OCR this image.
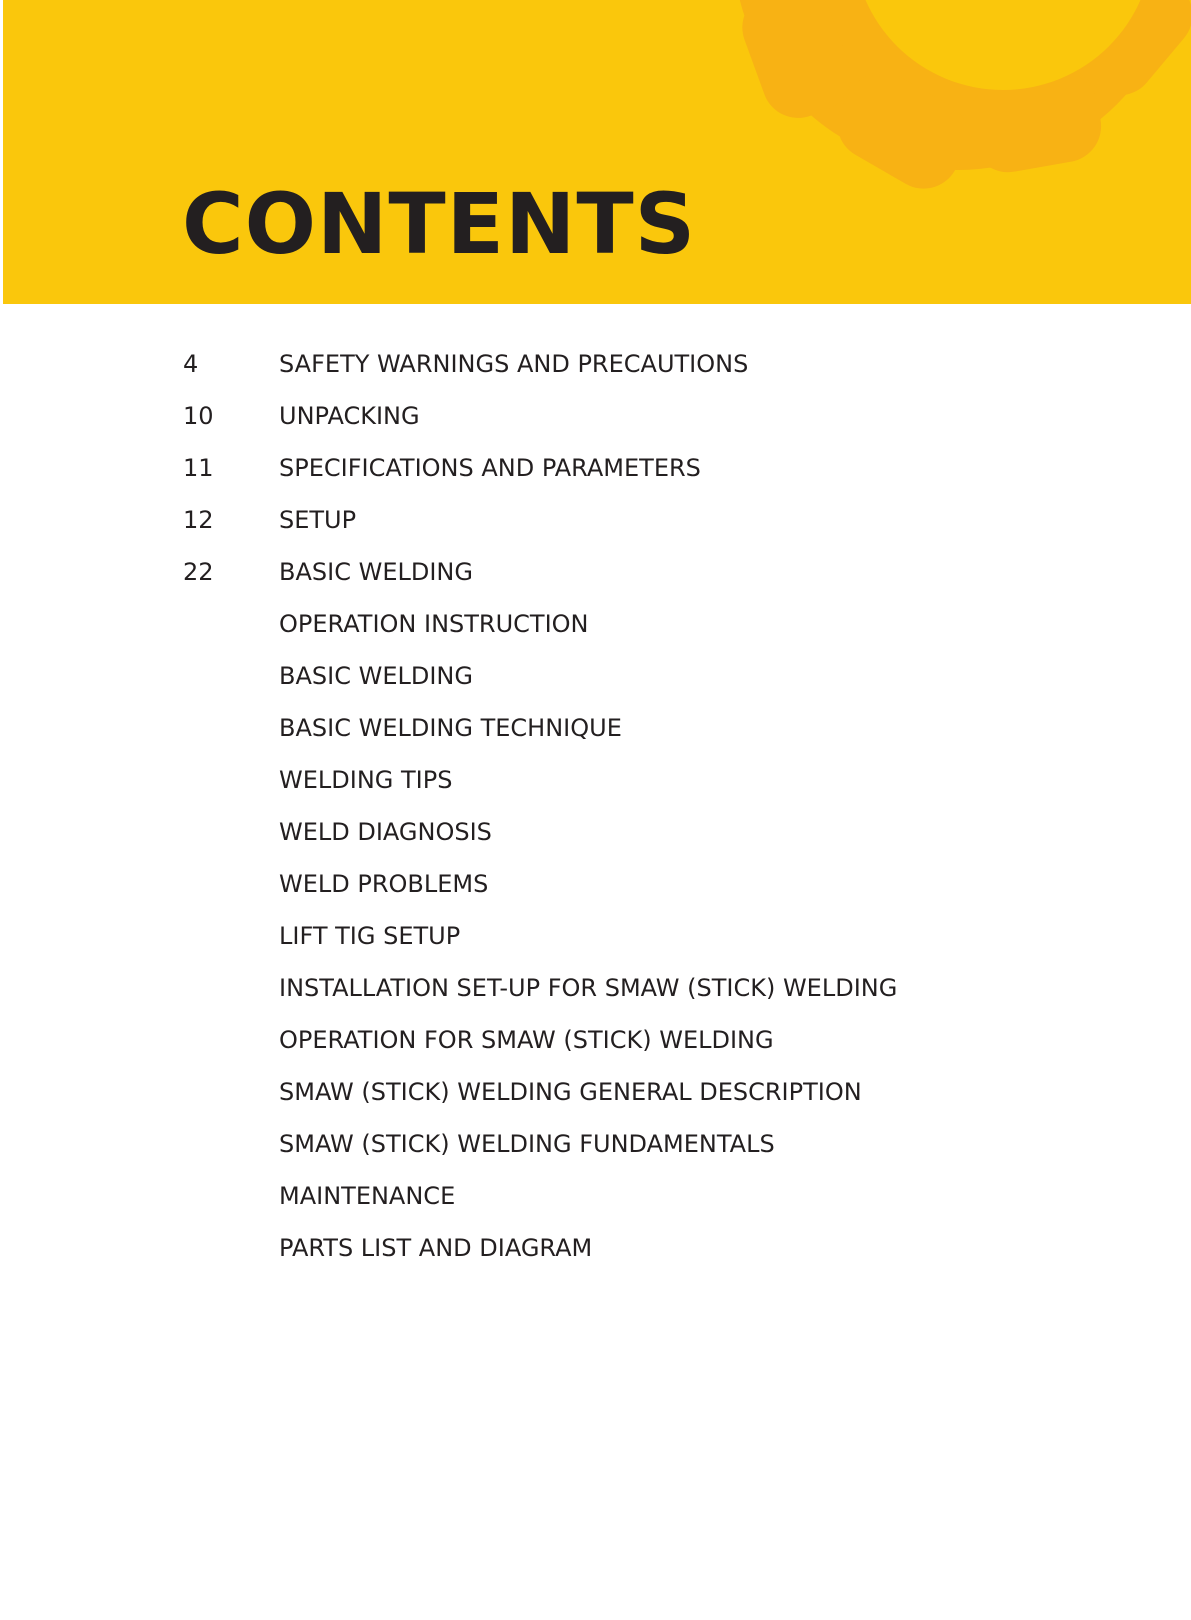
CONTENTS
4	SAFETY WARNINGS AND PRECAUTIONS
10	UNPACKING
11	SPECIFICATIONS AND PARAMETERS
12	SETUP
22	BASIC WELDING
OPERATION INSTRUCTION
BASIC WELDING
BASIC WELDING TECHNIQUE
WELDING TIPS
WELD DIAGNOSIS
WELD PROBLEMS
LIFT TIG SETUP
INSTALLATION SET-UP FOR SMAW (STICK) WELDING
OPERATION FOR SMAW (STICK) WELDING
SMAW (STICK) WELDING GENERAL DESCRIPTION
SMAW (STICK) WELDING FUNDAMENTALS
MAINTENANCE
PARTS LIST AND DIAGRAM
